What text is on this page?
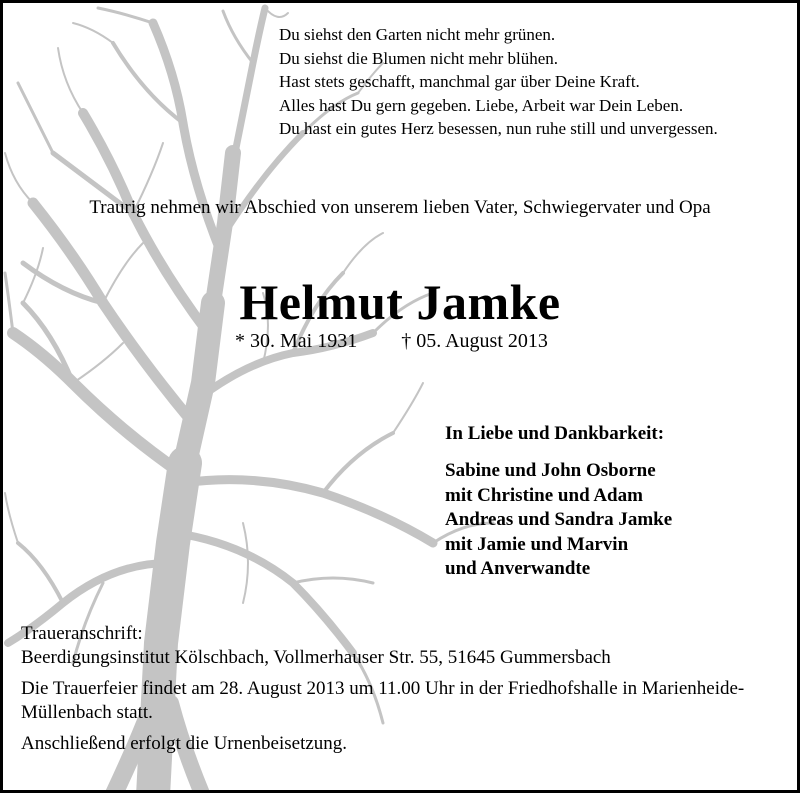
Du siehst den Garten nicht mehr grünen.
Du siehst die Blumen nicht mehr blühen.
Hast stets geschafft, manchmal gar über Deine Kraft.
Alles hast Du gern gegeben. Liebe, Arbeit war Dein Leben.
Du hast ein gutes Herz besessen, nun ruhe still und unvergessen.
Traurig nehmen wir Abschied von unserem lieben Vater, Schwiegervater und Opa
Helmut Jamke
* 30. Mai 1931 † 05. August 2013
In Liebe und Dankbarkeit:
Sabine und John Osborne
mit Christine und Adam
Andreas und Sandra Jamke
mit Jamie und Marvin
und Anverwandte

Traueranschrift:
Beerdigungsinstitut Kölschbach, Vollmerhauser Str. 55, 51645 Gummersbach

Die Trauerfeier findet am 28. August 2013 um 11.00 Uhr in der Friedhofshalle in Marienheide-Müllenbach statt.

Anschließend erfolgt die Urnenbeisetzung.
